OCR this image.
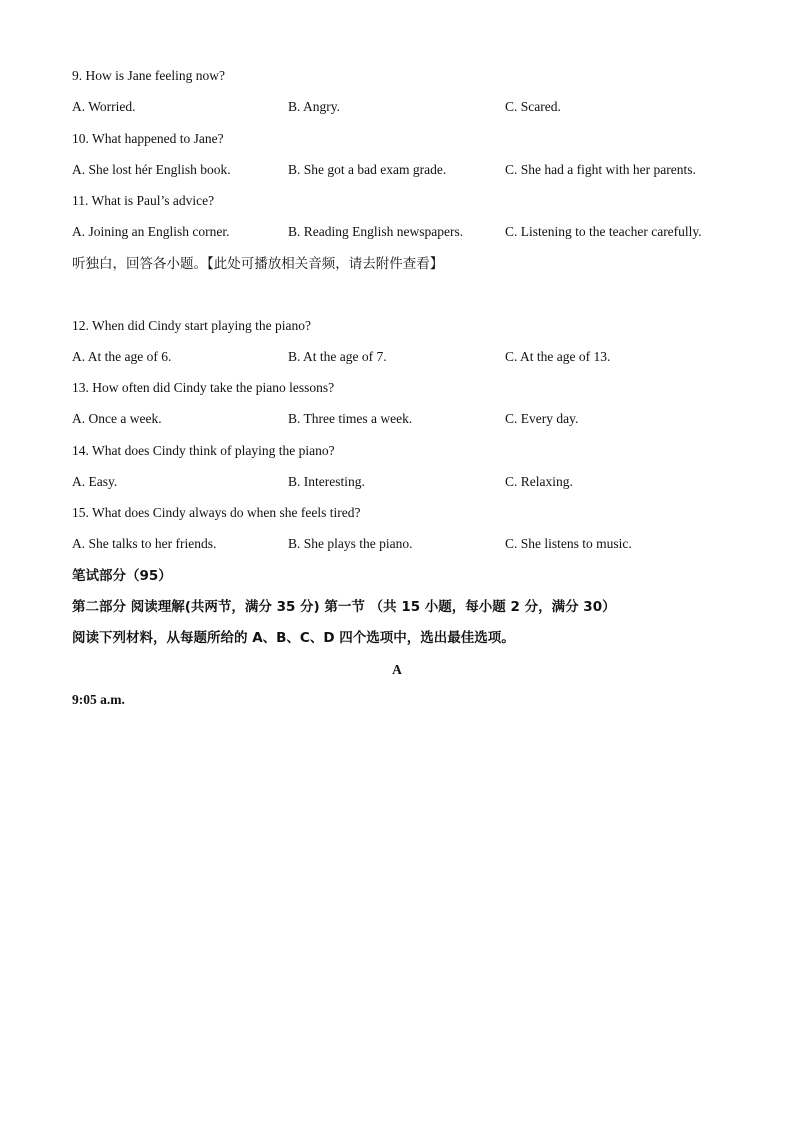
9. How is Jane feeling now?
A. Worried.	B. Angry.	C. Scared.
10. What happened to Jane?
A. She lost hér English book.	B. She got a bad exam grade.	C. She had a fight with her parents.
11. What is Paul’s advice?
A. Joining an English corner.	B. Reading English newspapers.	C. Listening to the teacher carefully.
听独白，回答各小题。【此处可播放相关音频，请去附件查看】
12. When did Cindy start playing the piano?
A. At the age of 6.	B. At the age of 7.	C. At the age of 13.
13. How often did Cindy take the piano lessons?
A. Once a week.	B. Three times a week.	C. Every day.
14. What does Cindy think of playing the piano?
A. Easy.	B. Interesting.	C. Relaxing.
15. What does Cindy always do when she feels tired?
A. She talks to her friends.	B. She plays the piano.	C. She listens to music.
笔试部分（95）
第二部分 阅读理解(共两节，满分 35 分) 第一节 （共 15 小题，每小题 2 分，满分 30）
阅读下列材料，从每题所给的 A、B、C、D 四个选项中，选出最佳选项。
A
9:05 a.m.
